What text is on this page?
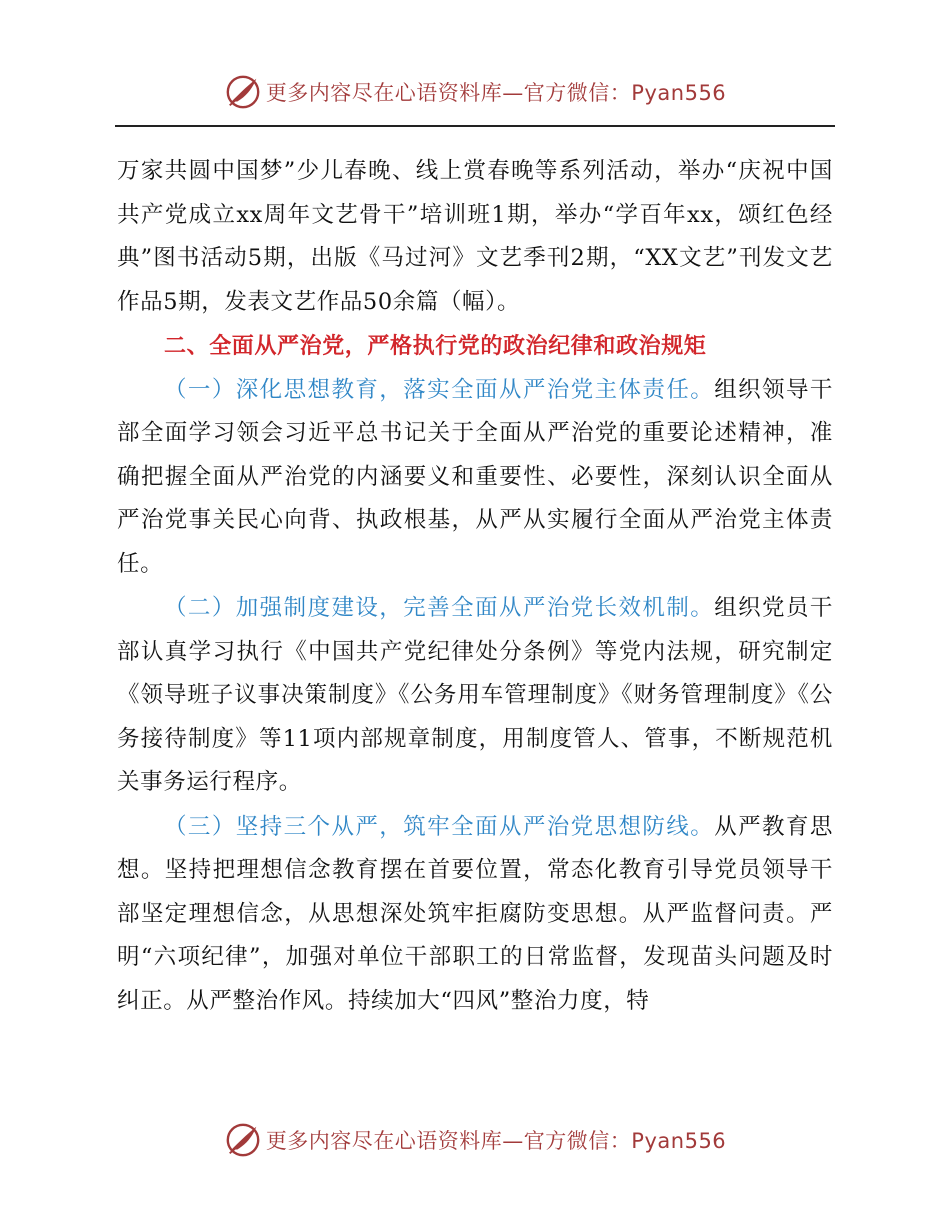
更多内容尽在心语资料库—官方微信：Pyan556

万家共圆中国梦”少儿春晚、线上赏春晚等系列活动，举办“庆祝中国共产党成立xx周年文艺骨干”培训班1期，举办“学百年xx，颂红色经典”图书活动5期，出版《马过河》文艺季刊2期，“XX文艺”刊发文艺作品5期，发表文艺作品50余篇（幅）。

二、全面从严治党，严格执行党的政治纪律和政治规矩

（一）深化思想教育，落实全面从严治党主体责任。组织领导干部全面学习领会习近平总书记关于全面从严治党的重要论述精神，准确把握全面从严治党的内涵要义和重要性、必要性，深刻认识全面从严治党事关民心向背、执政根基，从严从实履行全面从严治党主体责任。

（二）加强制度建设，完善全面从严治党长效机制。组织党员干部认真学习执行《中国共产党纪律处分条例》等党内法规，研究制定《领导班子议事决策制度》《公务用车管理制度》《财务管理制度》《公务接待制度》等11项内部规章制度，用制度管人、管事，不断规范机关事务运行程序。

（三）坚持三个从严，筑牢全面从严治党思想防线。从严教育思想。坚持把理想信念教育摆在首要位置，常态化教育引导党员领导干部坚定理想信念，从思想深处筑牢拒腐防变思想。从严监督问责。严明“六项纪律”，加强对单位干部职工的日常监督，发现苗头问题及时纠正。从严整治作风。持续加大“四风”整治力度，特

更多内容尽在心语资料库—官方微信：Pyan556
